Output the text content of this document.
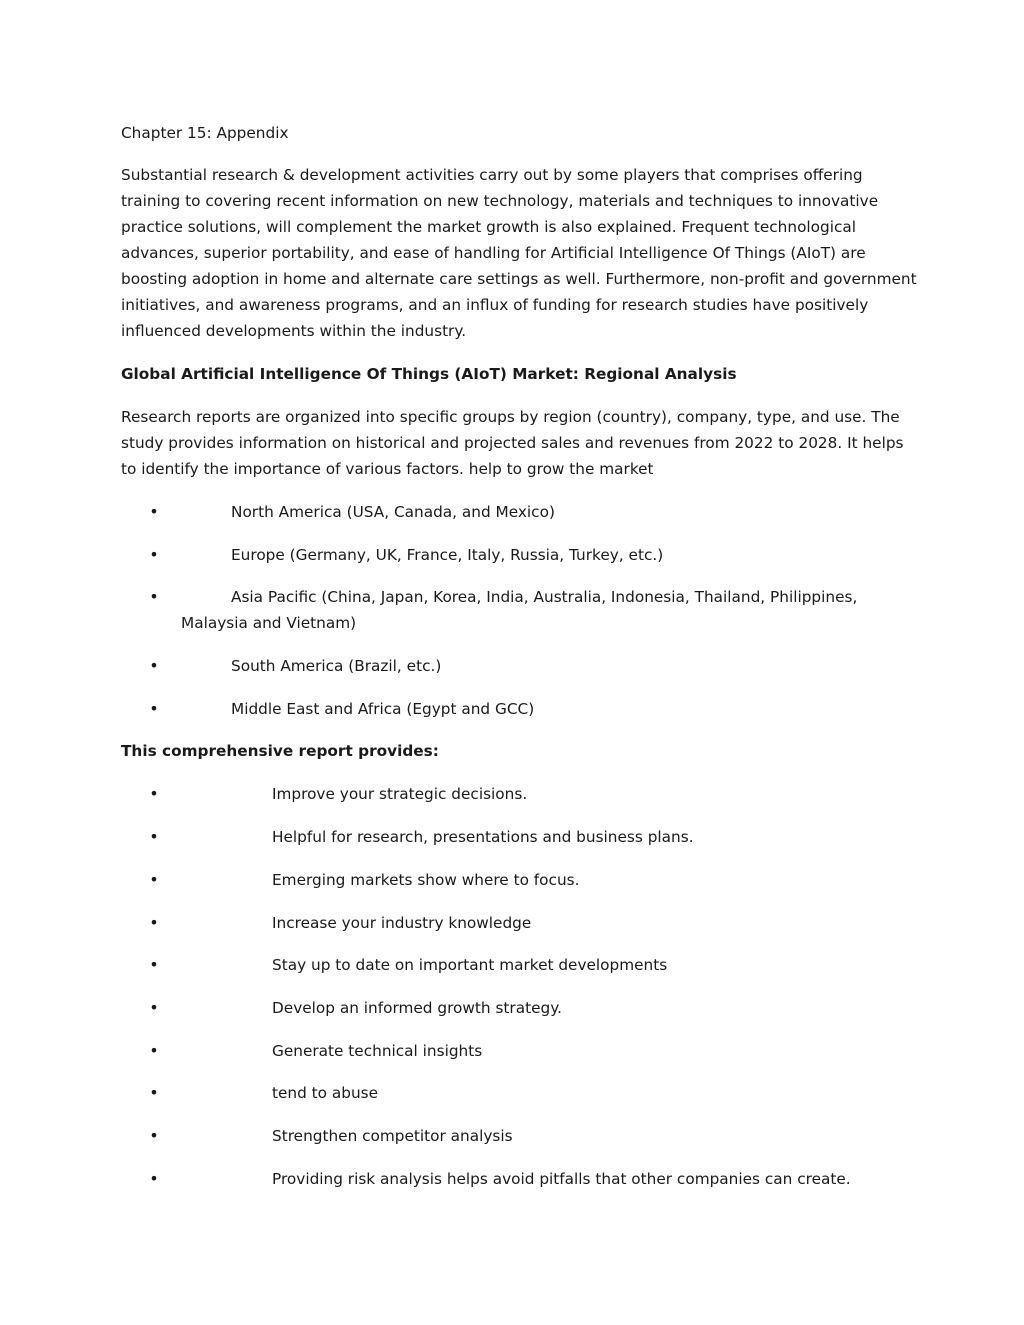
Chapter 15: Appendix

Substantial research & development activities carry out by some players that comprises offering training to covering recent information on new technology, materials and techniques to innovative practice solutions, will complement the market growth is also explained. Frequent technological advances, superior portability, and ease of handling for Artificial Intelligence Of Things (AIoT) are boosting adoption in home and alternate care settings as well. Furthermore, non-profit and government initiatives, and awareness programs, and an influx of funding for research studies have positively influenced developments within the industry.

Global Artificial Intelligence Of Things (AIoT) Market: Regional Analysis

Research reports are organized into specific groups by region (country), company, type, and use. The study provides information on historical and projected sales and revenues from 2022 to 2028. It helps to identify the importance of various factors. help to grow the market

•	North America (USA, Canada, and Mexico)
•	Europe (Germany, UK, France, Italy, Russia, Turkey, etc.)
•	Asia Pacific (China, Japan, Korea, India, Australia, Indonesia, Thailand, Philippines,
Malaysia and Vietnam)
•	South America (Brazil, etc.)
•	Middle East and Africa (Egypt and GCC)

This comprehensive report provides:

•	Improve your strategic decisions.
•	Helpful for research, presentations and business plans.
•	Emerging markets show where to focus.
•	Increase your industry knowledge
•	Stay up to date on important market developments
•	Develop an informed growth strategy.
•	Generate technical insights
•	tend to abuse
•	Strengthen competitor analysis
•	Providing risk analysis helps avoid pitfalls that other companies can create.
